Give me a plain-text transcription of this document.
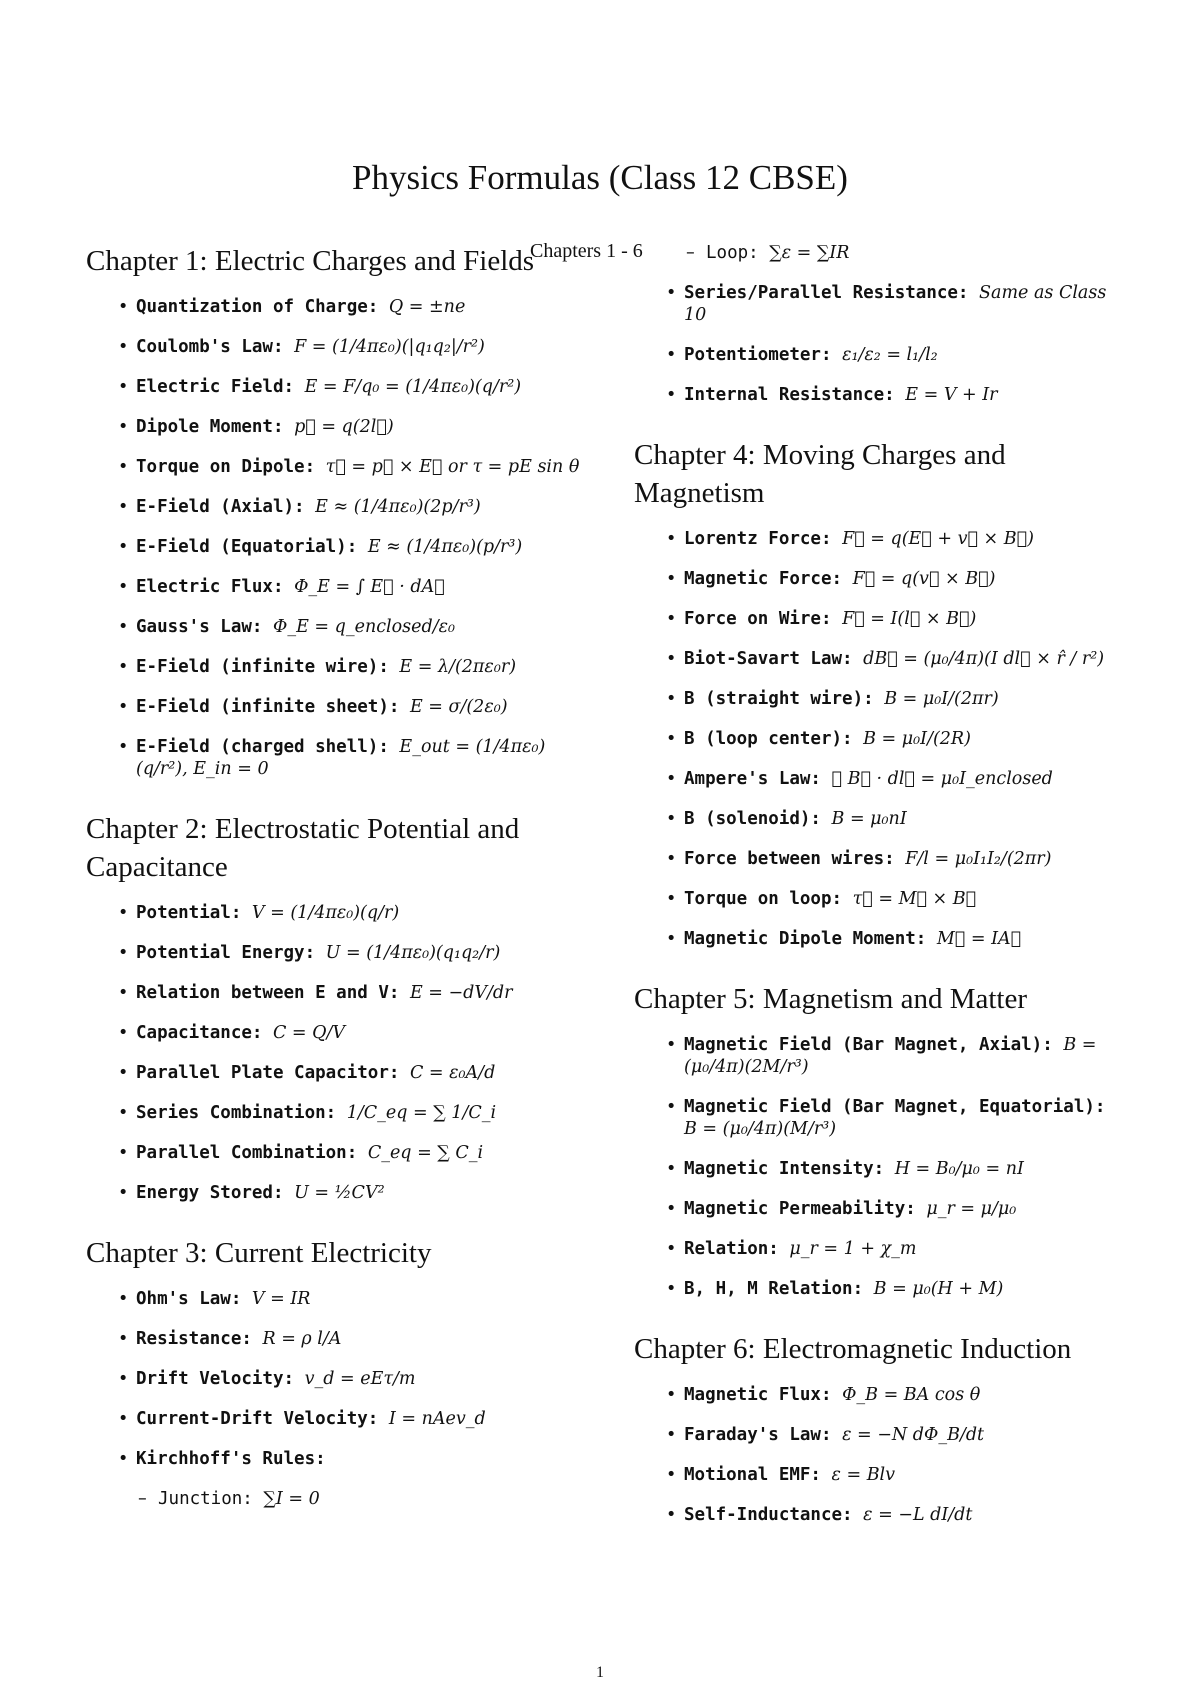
Physics Formulas (Class 12 CBSE)
Chapters 1 - 6
Chapter 1: Electric Charges and Fields
• Quantization of Charge: Q = ±ne
• Coulomb's Law: F = (1/4πε₀)(|q₁q₂|/r²)
• Electric Field: E = F/q₀ = (1/4πε₀)(q/r²)
• Dipole Moment: p⃗ = q(2l⃗)
• Torque on Dipole: τ⃗ = p⃗ × E⃗ or τ = pE sin θ
• E-Field (Axial): E ≈ (1/4πε₀)(2p/r³)
• E-Field (Equatorial): E ≈ (1/4πε₀)(p/r³)
• Electric Flux: Φ_E = ∫ E⃗ · dA⃗
• Gauss's Law: Φ_E = q_enclosed/ε₀
• E-Field (infinite wire): E = λ/(2πε₀r)
• E-Field (infinite sheet): E = σ/(2ε₀)
• E-Field (charged shell): E_out = (1/4πε₀)(q/r²), E_in = 0
Chapter 2: Electrostatic Potential and Capacitance
• Potential: V = (1/4πε₀)(q/r)
• Potential Energy: U = (1/4πε₀)(q₁q₂/r)
• Relation between E and V: E = −dV/dr
• Capacitance: C = Q/V
• Parallel Plate Capacitor: C = ε₀A/d
• Series Combination: 1/C_eq = ∑ 1/C_i
• Parallel Combination: C_eq = ∑ C_i
• Energy Stored: U = ½CV²
Chapter 3: Current Electricity
• Ohm's Law: V = IR
• Resistance: R = ρ l/A
• Drift Velocity: v_d = eEτ/m
• Current-Drift Velocity: I = nAev_d
• Kirchhoff's Rules:
– Junction: ∑I = 0
– Loop: ∑ε = ∑IR
• Series/Parallel Resistance: Same as Class 10
• Potentiometer: ε₁/ε₂ = l₁/l₂
• Internal Resistance: E = V + Ir
Chapter 4: Moving Charges and Magnetism
• Lorentz Force: F⃗ = q(E⃗ + v⃗ × B⃗)
• Magnetic Force: F⃗ = q(v⃗ × B⃗)
• Force on Wire: F⃗ = I(l⃗ × B⃗)
• Biot-Savart Law: dB⃗ = (μ₀/4π)(I dl⃗ × r̂ / r²)
• B (straight wire): B = μ₀I/(2πr)
• B (loop center): B = μ₀I/(2R)
• Ampere's Law: ∮ B⃗ · dl⃗ = μ₀I_enclosed
• B (solenoid): B = μ₀nI
• Force between wires: F/l = μ₀I₁I₂/(2πr)
• Torque on loop: τ⃗ = M⃗ × B⃗
• Magnetic Dipole Moment: M⃗ = IA⃗
Chapter 5: Magnetism and Matter
• Magnetic Field (Bar Magnet, Axial): B = (μ₀/4π)(2M/r³)
• Magnetic Field (Bar Magnet, Equatorial): B = (μ₀/4π)(M/r³)
• Magnetic Intensity: H = B₀/μ₀ = nI
• Magnetic Permeability: μ_r = μ/μ₀
• Relation: μ_r = 1 + χ_m
• B, H, M Relation: B = μ₀(H + M)
Chapter 6: Electromagnetic Induction
• Magnetic Flux: Φ_B = BA cos θ
• Faraday's Law: ε = −N dΦ_B/dt
• Motional EMF: ε = Blv
• Self-Inductance: ε = −L dI/dt
1
